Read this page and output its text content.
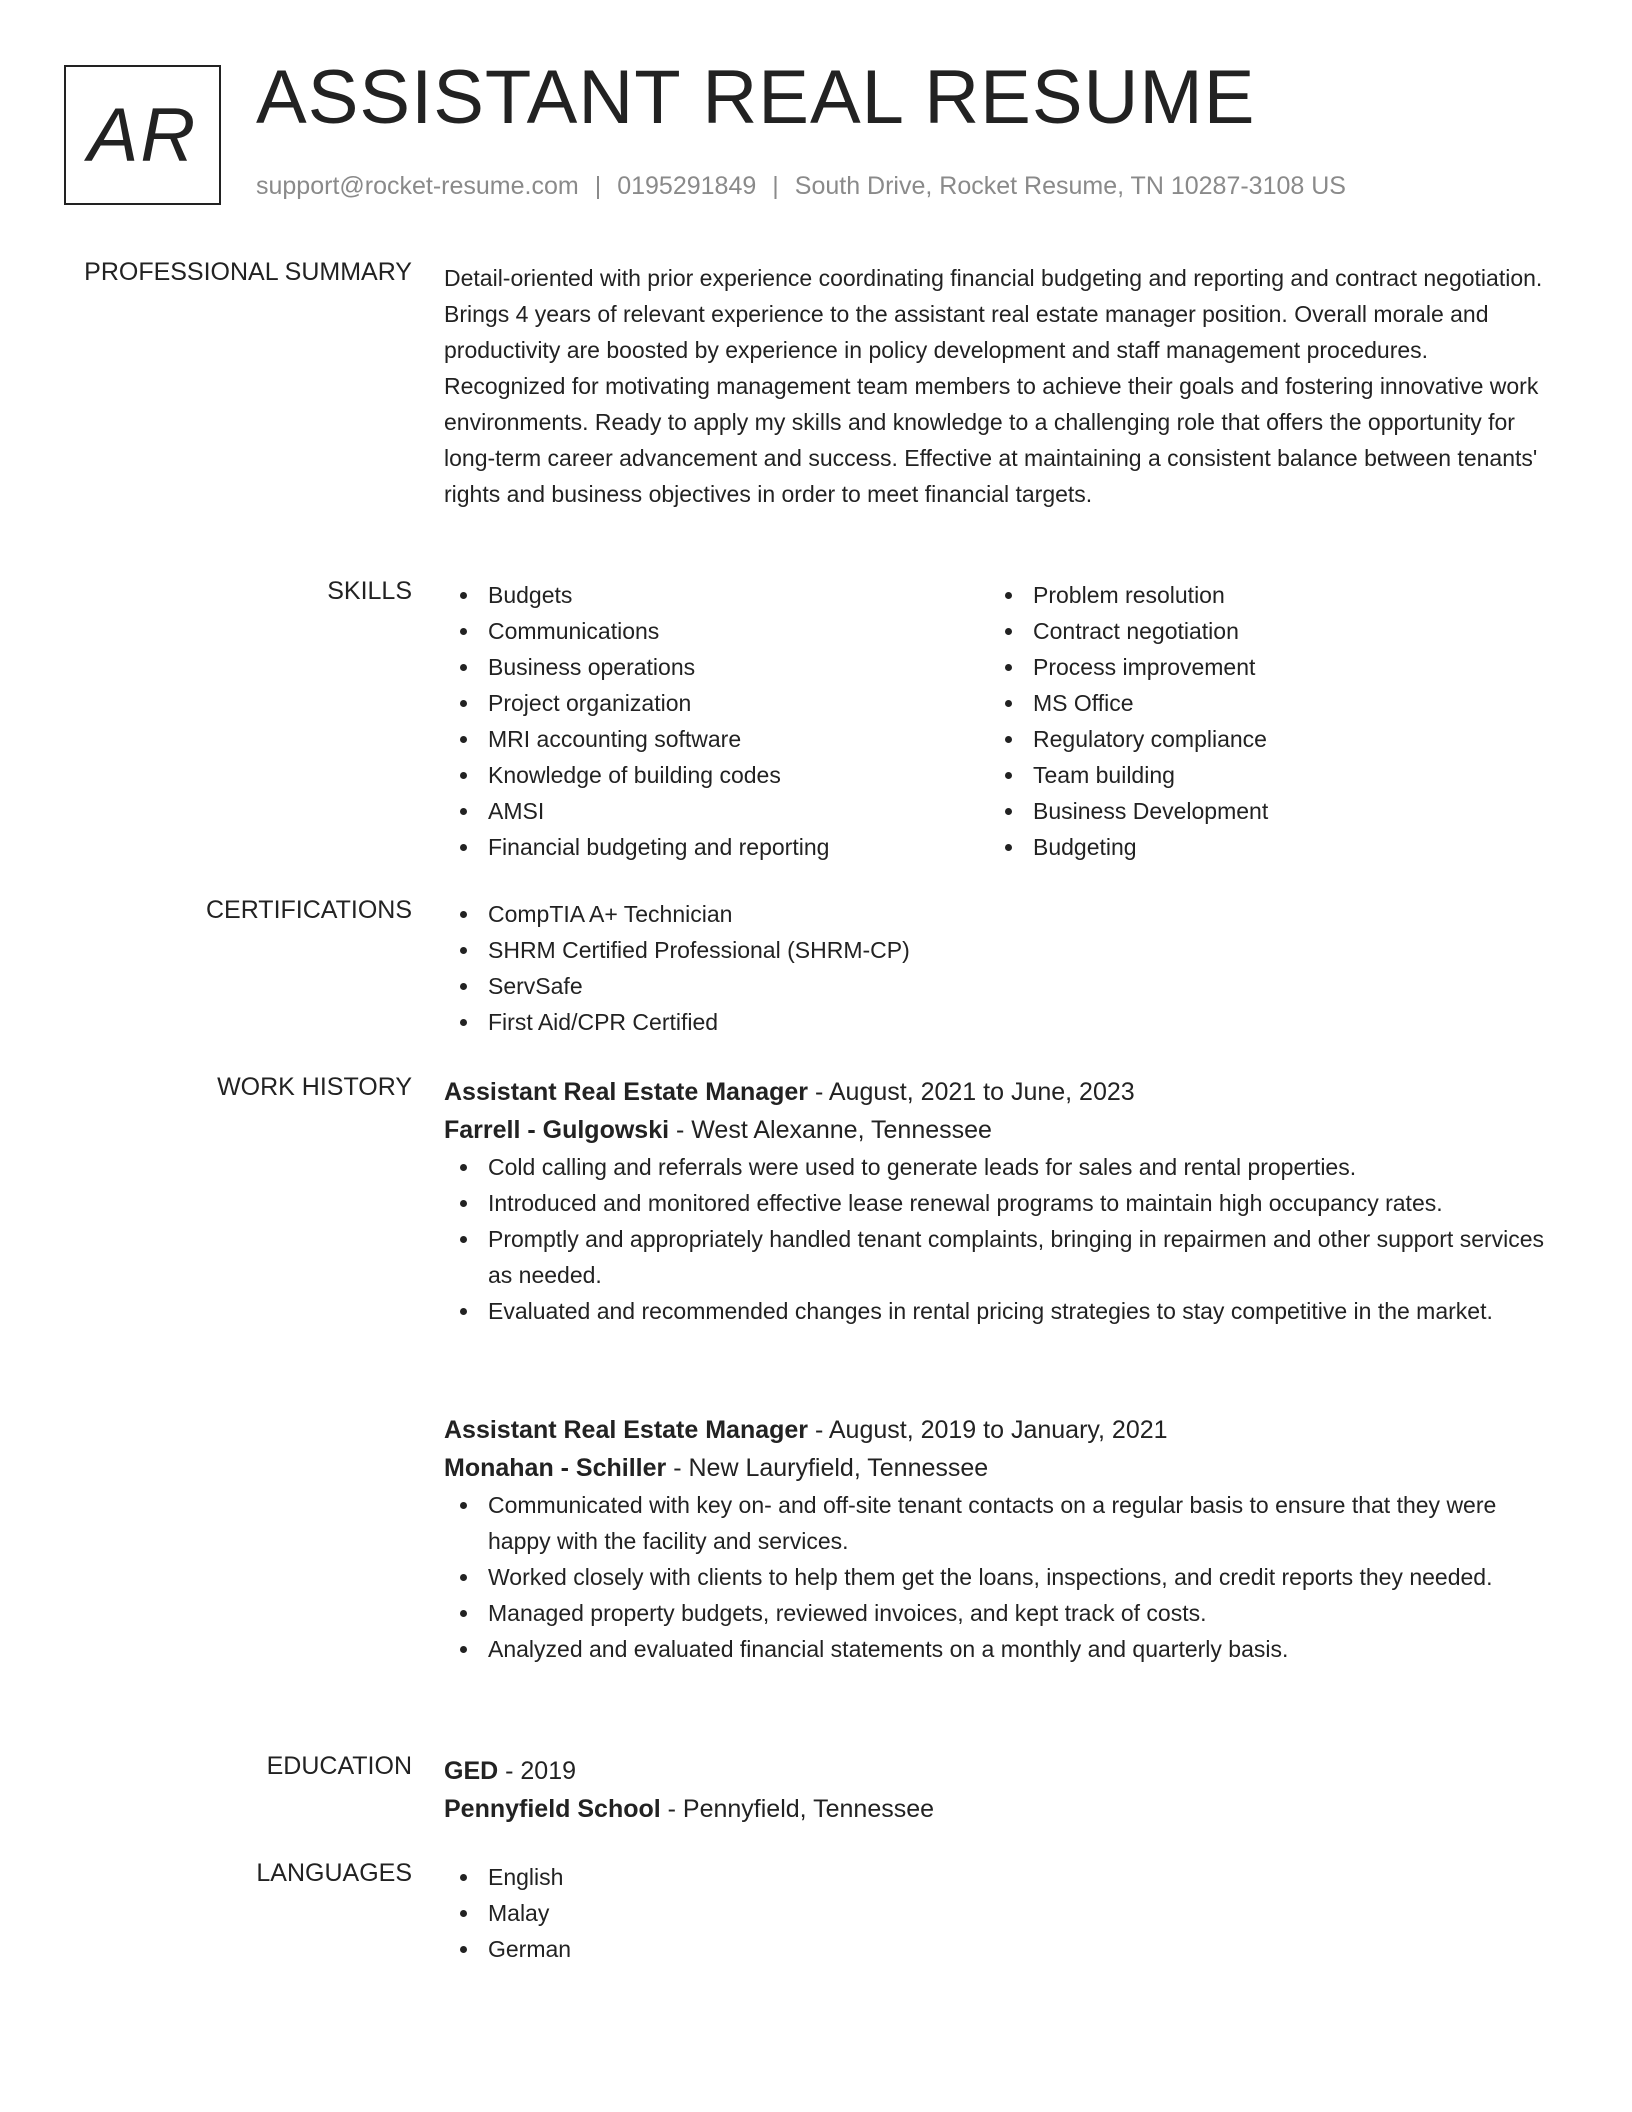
AR ASSISTANT REAL RESUME
support@rocket-resume.com | 0195291849 | South Drive, Rocket Resume, TN 10287-3108 US
PROFESSIONAL SUMMARY Detail-oriented with prior experience coordinating financial budgeting and reporting and contract negotiation. Brings 4 years of relevant experience to the assistant real estate manager position. Overall morale and productivity are boosted by experience in policy development and staff management procedures. Recognized for motivating management team members to achieve their goals and fostering innovative work environments. Ready to apply my skills and knowledge to a challenging role that offers the opportunity for long-term career advancement and success. Effective at maintaining a consistent balance between tenants' rights and business objectives in order to meet financial targets.

SKILLS	Budgets
Communications
Business operations
Project organization
MRI accounting software
Knowledge of building codes
AMSI
Financial budgeting and reporting
Problem resolution
Contract negotiation
Process improvement
MS Office
Regulatory compliance
Team building
Business Development
Budgeting
CERTIFICATIONS	CompTIA A+ Technician
SHRM Certified Professional (SHRM-CP)
ServSafe
First Aid/CPR Certified
WORK HISTORY Assistant Real Estate Manager - August, 2021 to June, 2023
Farrell - Gulgowski - West Alexanne, Tennessee
Cold calling and referrals were used to generate leads for sales and rental properties.
Introduced and monitored effective lease renewal programs to maintain high occupancy rates.
Promptly and appropriately handled tenant complaints, bringing in repairmen and other support services as needed.
Evaluated and recommended changes in rental pricing strategies to stay competitive in the market.
Assistant Real Estate Manager - August, 2019 to January, 2021
Monahan - Schiller - New Lauryfield, Tennessee
Communicated with key on- and off-site tenant contacts on a regular basis to ensure that they were happy with the facility and services.
Worked closely with clients to help them get the loans, inspections, and credit reports they needed.
Managed property budgets, reviewed invoices, and kept track of costs.
Analyzed and evaluated financial statements on a monthly and quarterly basis.
EDUCATION GED - 2019
Pennyfield School - Pennyfield, Tennessee
LANGUAGES	English
Malay
German
